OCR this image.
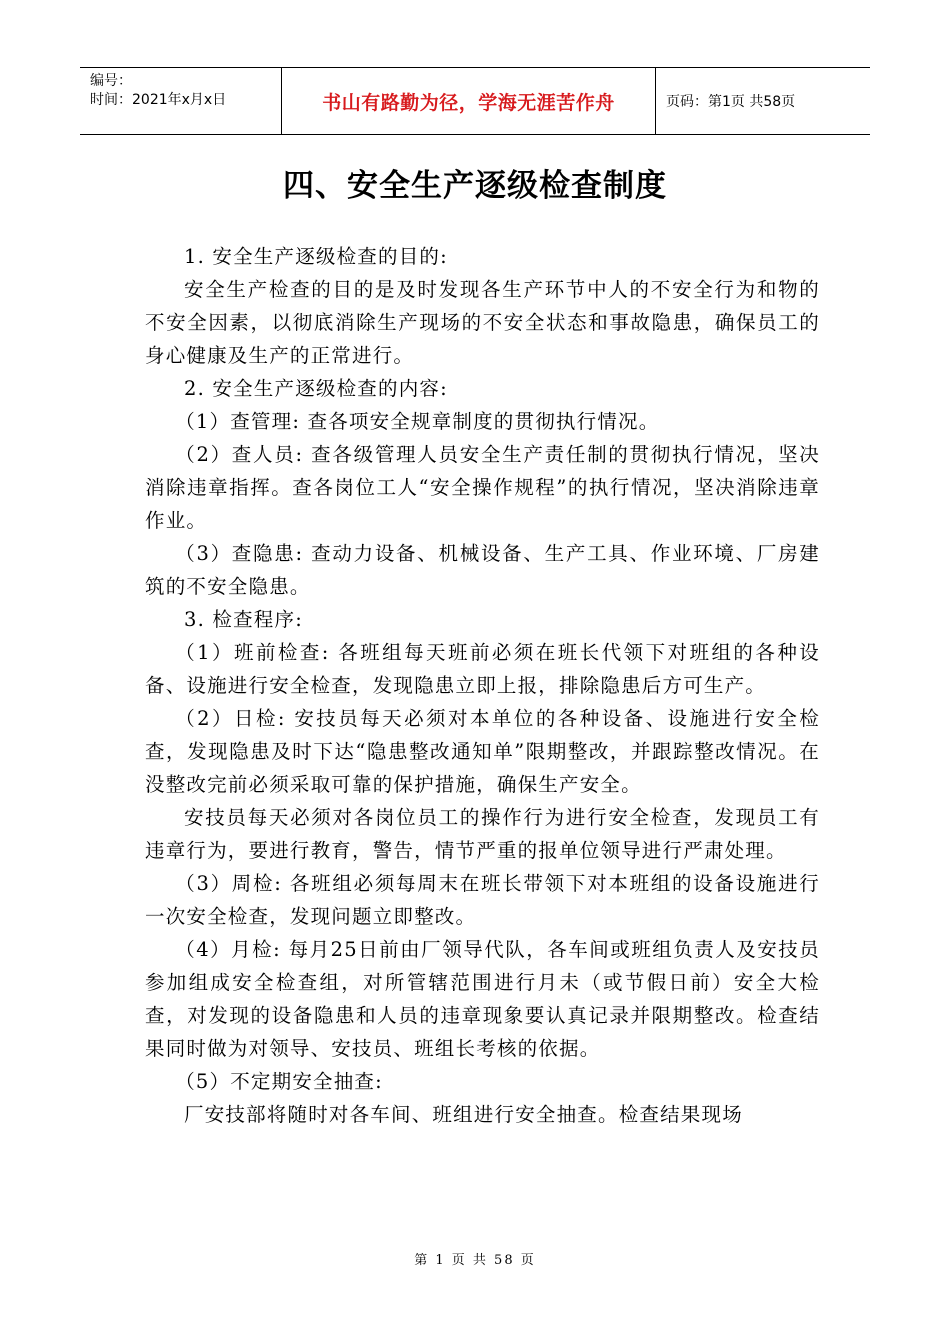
编号：
时间：2021年x月x日	书山有路勤为径，学海无涯苦作舟	页码：第1页 共58页
四、安全生产逐级检查制度

1. 安全生产逐级检查的目的:

安全生产检查的目的是及时发现各生产环节中人的不安全行为和物的不安全因素，以彻底消除生产现场的不安全状态和事故隐患，确保员工的身心健康及生产的正常进行。

2. 安全生产逐级检查的内容:

（1）查管理: 查各项安全规章制度的贯彻执行情况。

（2）查人员: 查各级管理人员安全生产责任制的贯彻执行情况，坚决消除违章指挥。查各岗位工人“安全操作规程”的执行情况，坚决消除违章作业。

（3）查隐患: 查动力设备、机械设备、生产工具、作业环境、厂房建筑的不安全隐患。

3. 检查程序:

（1）班前检查: 各班组每天班前必须在班长代领下对班组的各种设备、设施进行安全检查，发现隐患立即上报，排除隐患后方可生产。

（2）日检: 安技员每天必须对本单位的各种设备、设施进行安全检查，发现隐患及时下达“隐患整改通知单”限期整改，并跟踪整改情况。在没整改完前必须采取可靠的保护措施，确保生产安全。

安技员每天必须对各岗位员工的操作行为进行安全检查，发现员工有违章行为，要进行教育，警告，情节严重的报单位领导进行严肃处理。

（3）周检: 各班组必须每周末在班长带领下对本班组的设备设施进行一次安全检查，发现问题立即整改。

（4）月检: 每月25日前由厂领导代队，各车间或班组负责人及安技员参加组成安全检查组，对所管辖范围进行月未（或节假日前）安全大检查，对发现的设备隐患和人员的违章现象要认真记录并限期整改。检查结果同时做为对领导、安技员、班组长考核的依据。

（5）不定期安全抽查:

厂安技部将随时对各车间、班组进行安全抽查。检查结果现场

第 1 页 共 58 页
